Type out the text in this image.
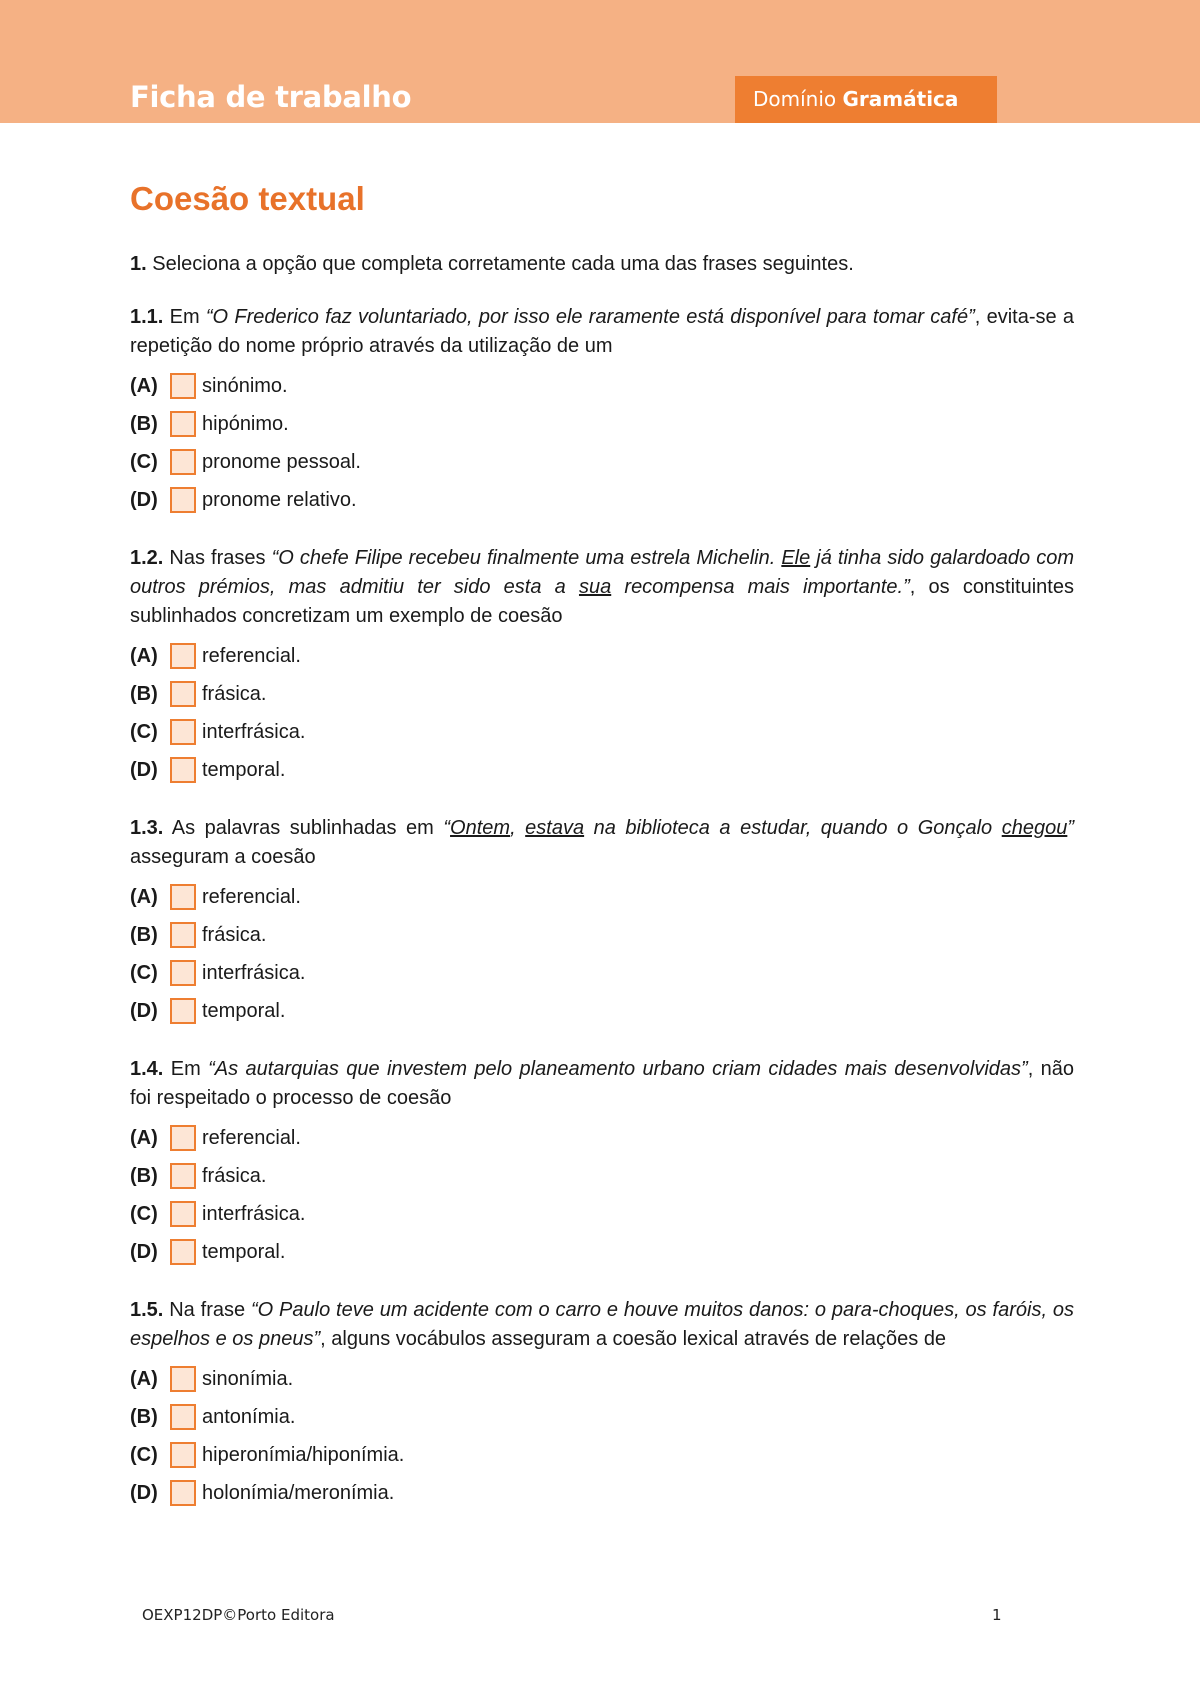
Ficha de trabalho	Domínio Gramática
Coesão textual
1. Seleciona a opção que completa corretamente cada uma das frases seguintes.
1.1. Em “O Frederico faz voluntariado, por isso ele raramente está disponível para tomar café”, evita-se a repetição do nome próprio através da utilização de um
(A)	sinónimo.
(B)	hipónimo.
(C)	pronome pessoal.
(D)	pronome relativo.
1.2. Nas frases “O chefe Filipe recebeu finalmente uma estrela Michelin. Ele já tinha sido galardoado com outros prémios, mas admitiu ter sido esta a sua recompensa mais importante.”, os constituintes sublinhados concretizam um exemplo de coesão
(A)	referencial.
(B)	frásica.
(C)	interfrásica.
(D)	temporal.
1.3. As palavras sublinhadas em “Ontem, estava na biblioteca a estudar, quando o Gonçalo chegou” asseguram a coesão
(A)	referencial.
(B)	frásica.
(C)	interfrásica.
(D)	temporal.
1.4. Em “As autarquias que investem pelo planeamento urbano criam cidades mais desenvolvidas”, não foi respeitado o processo de coesão
(A)	referencial.
(B)	frásica.
(C)	interfrásica.
(D)	temporal.
1.5. Na frase “O Paulo teve um acidente com o carro e houve muitos danos: o para-choques, os faróis, os espelhos e os pneus”, alguns vocábulos asseguram a coesão lexical através de relações de
(A)	sinonímia.
(B)	antonímia.
(C)	hiperonímia/hiponímia.
(D)	holonímia/meronímia.
OEXP12DP©Porto Editora	1
